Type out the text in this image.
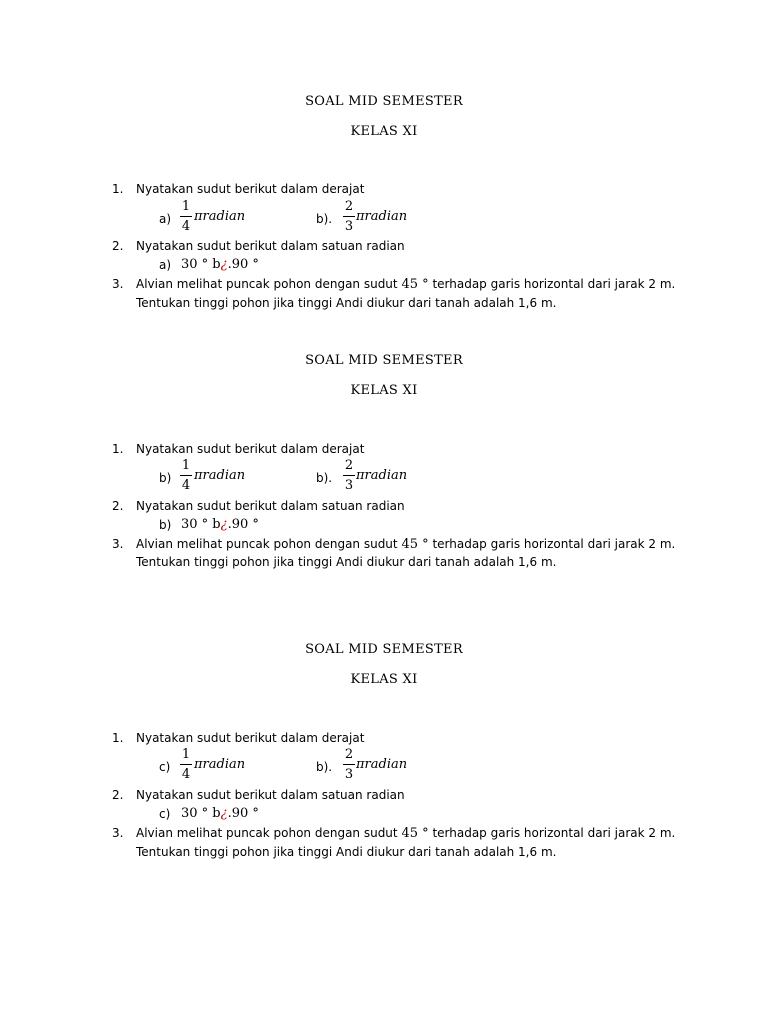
SOAL MID SEMESTER
KELAS XI
1. Nyatakan sudut berikut dalam derajat
a)
1
4
πradian	b).
2
3
πradian
2. Nyatakan sudut berikut dalam satuan radian
a) 30 ° b¿.90 °
3. Alvian melihat puncak pohon dengan sudut 45 ° terhadap garis horizontal dari jarak 2 m.
Tentukan tinggi pohon jika tinggi Andi diukur dari tanah adalah 1,6 m.
SOAL MID SEMESTER
KELAS XI
1. Nyatakan sudut berikut dalam derajat
b)
1
4
πradian	b).
2
3
πradian
2. Nyatakan sudut berikut dalam satuan radian
b) 30 ° b¿.90 °
3. Alvian melihat puncak pohon dengan sudut 45 ° terhadap garis horizontal dari jarak 2 m.
Tentukan tinggi pohon jika tinggi Andi diukur dari tanah adalah 1,6 m.
SOAL MID SEMESTER
KELAS XI
1. Nyatakan sudut berikut dalam derajat
c)
1
4
πradian	b).
2
3
πradian
2. Nyatakan sudut berikut dalam satuan radian
c) 30 ° b¿.90 °
3. Alvian melihat puncak pohon dengan sudut 45 ° terhadap garis horizontal dari jarak 2 m.
Tentukan tinggi pohon jika tinggi Andi diukur dari tanah adalah 1,6 m.
